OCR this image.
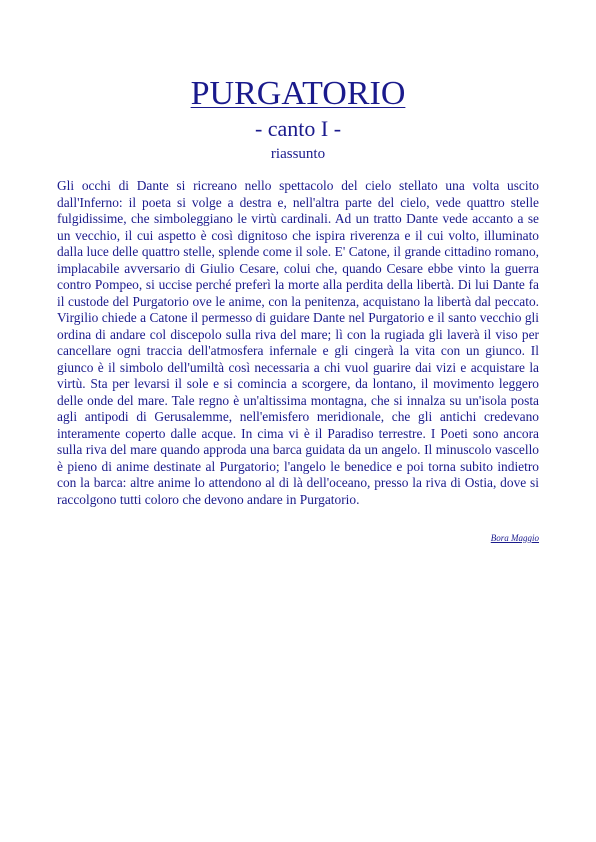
PURGATORIO
- canto I -
riassunto
Gli occhi di Dante si ricreano nello spettacolo del cielo stellato una volta uscito dall'Inferno: il poeta si volge a destra e, nell'altra parte del cielo, vede quattro stelle fulgidissime, che simboleggiano le virtù cardinali. Ad un tratto Dante vede accanto a se un vecchio, il cui aspetto è così dignitoso che ispira riverenza e il cui volto, illuminato dalla luce delle quattro stelle, splende come il sole. E' Catone, il grande cittadino romano, implacabile avversario di Giulio Cesare, colui che, quando Cesare ebbe vinto la guerra contro Pompeo, si uccise perché preferì la morte alla perdita della libertà. Di lui Dante fa il custode del Purgatorio ove le anime, con la penitenza, acquistano la libertà dal peccato. Virgilio chiede a Catone il permesso di guidare Dante nel Purgatorio e il santo vecchio gli ordina di andare col discepolo sulla riva del mare; lì con la rugiada gli laverà il viso per cancellare ogni traccia dell'atmosfera infernale e gli cingerà la vita con un giunco. Il giunco è il simbolo dell'umiltà così necessaria a chi vuol guarire dai vizi e acquistare la virtù. Sta per levarsi il sole e si comincia a scorgere, da lontano, il movimento leggero delle onde del mare. Tale regno è un'altissima montagna, che si innalza su un'isola posta agli antipodi di Gerusalemme, nell'emisfero meridionale, che gli antichi credevano interamente coperto dalle acque. In cima vi è il Paradiso terrestre. I Poeti sono ancora sulla riva del mare quando approda una barca guidata da un angelo. Il minuscolo vascello è pieno di anime destinate al Purgatorio; l'angelo le benedice e poi torna subito indietro con la barca: altre anime lo attendono al di là dell'oceano, presso la riva di Ostia, dove si raccolgono tutti coloro che devono andare in Purgatorio.
Bora Maggio
